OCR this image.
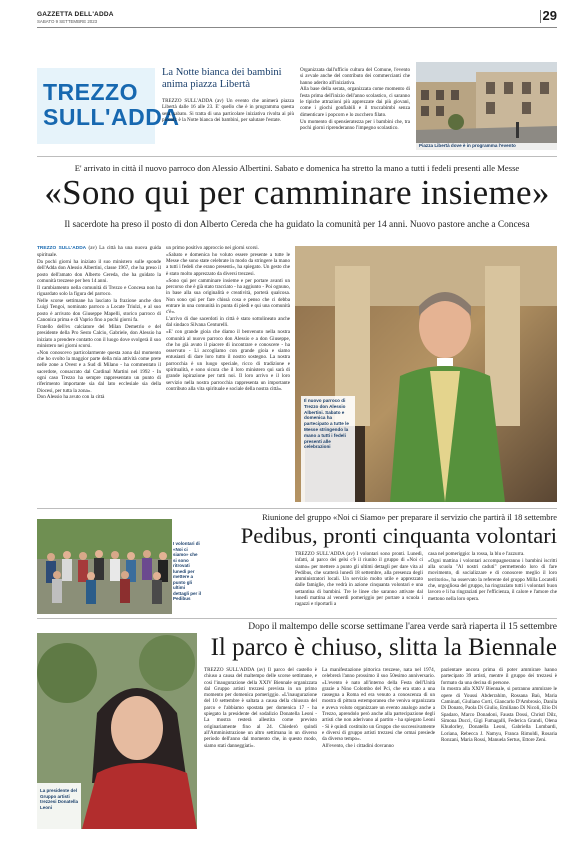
GAZZETTA DELL'ADDA
SABATO 9 SETTEMBRE 2023	29
TREZZO
SULL'ADDA
La Notte bianca dei bambini anima piazza Libertà

TREZZO SULL'ADDA (av) Un evento che animerà piazza Libertà dalle 16 alle 23. E' quello che è in programma questa sera, sabato. Si tratta di una particolare iniziativa rivolta ai più piccoli: è la Notte bianca dei bambini, per salutare l'estate.

Organizzata dall'ufficio cultura del Comune, l'evento si avvale anche del contributo dei commercianti che hanno aderito all'iniziativa.

Alla base della serata, organizzata come momento di festa prima dell'inizio dell'anno scolastico, ci saranno le tipiche attrazioni più apprezzate dai più giovani, come i giochi gonfiabili e il truccabimbi senza dimenticare i popcorn e lo zucchero filato.

Un momento di spensieratezza per i bambini che, tra pochi giorni riprenderanno l'impegno scolastico.

Piazza Libertà dove è in programma l'evento
E' arrivato in città il nuovo parroco don Alessio Albertini. Sabato e domenica ha stretto la mano a tutti i fedeli presenti alle Messe
«Sono qui per camminare insieme»
Il sacerdote ha preso il posto di don Alberto Cereda che ha guidato la comunità per 14 anni. Nuovo pastore anche a Concesa

TREZZO SULL'ADDA (av) La città ha una nuova guida spirituale.

Da pochi giorni ha iniziato il suo ministero sulle sponde dell'Adda don Alessio Albertini, classe 1967, che ha preso il posto dell'amato don Alberto Cereda, che ha guidato la comunità trezzese per ben 14 anni.

Il cambiamento nella comunità di Trezzo e Concesa non ha riguardato solo la figura del parroco.

Nelle scorse settimane ha lasciato la frazione anche don Luigi Tengoi, nominato parroco a Locate Triulzi, e al suo posto è arrivato don Giuseppe Mapelli, storico parroco di Canonica prima e di Vaprio fino a pochi giorni fa.

Fratello dell'ex calciatore del Milan Demetrio e del presidente della Pro Sesto Calcio, Gabriele, don Alessio ha iniziato a prendere contatto con il luogo dove svolgerà il suo ministero nei giorni scorsi.

«Non conoscevo particolarmente questa zona dal momento che ho svolto la maggior parte della mia attività come prete nelle zone a Ovest e a Sud di Milano - ha commentato il sacerdote, consacrato dal Cardinal Martini nel 1992 - In ogni caso Trezzo ha sempre rappresentato un punto di riferimento importante sia dal lato ecclesiale sia della Diocesi, per tutta la zona».

Don Alessio ha avuto con la città

un primo positivo approccio nei giorni scorsi.

«Sabato e domenica ho voluto essere presente a tutte le Messe che sono state celebrate in modo da stringere la mano a tutti i fedeli che erano presenti», ha spiegato. Un gesto che è stato molto apprezzato da diversi trezzesi.

«Sono qui per camminare insieme e per portare avanti un percorso che è già stato tracciato - ha aggiunto - Poi ognuno, in base alla sua originalità e creatività, porterà qualcosa. Non sono qui per fare chissà cosa e penso che ci debba entrare in una comunità in punta di piedi e qui una comunità c'è».

L'arrivo di due sacerdoti in città è stato sottolineato anche dal sindaco Silvana Centurelli.

«E' con grande gioia che diamo il benvenuto nella nostra comunità al nuovo parroco don Alessio e a don Giuseppe, che ho già avuto il piacere di incontrare e conoscere - ha osservato - Li accogliamo con grande gioia e siamo entusiasti di dare loro tutto il nostro sostegno. La nostra parrocchia è un luogo speciale, ricco di tradizione e spiritualità, e sono sicura che il loro ministero qui sarà di grande ispirazione per tutti noi. Il loro arrivo e il loro servizio nella nostra parrocchia rappresenta un importante contributo alla vita spirituale e sociale della nostra città».

Il nuovo parroco di Trezzo don Alessio Albertini. Sabato e domenica ha partecipato a tutte le Messe stringendo la mano a tutti i fedeli presenti alle celebrazioni
Riunione del gruppo «Noi ci Siamo» per preparare il servizio che partirà il 18 settembre
Pedibus, pronti cinquanta volontari
I volontari di «Noi ci siamo» che si sono ritrovati lunedì per mettere a punto gli ultimi dettagli per il Pedibus

TREZZO SULL'ADDA (av) I volontari sono pronti. Lunedì, infatti, al parco dei gelsi c'è il riunito il gruppo di «Noi ci siamo» per mettere a punto gli ultimi dettagli per dare vita al Pedibus, che scatterà lunedì 18 settembre, alla presenza degli amministratori locali. Un servizio molto utile e apprezzato dalle famiglie, che vedrà in azione cinquanta volontari e una settantina di bambini. Tre le linee che saranno attivate dal lunedì mattina al venerdì pomeriggio per portare a scuola i ragazzi e riportarli a

casa nel pomeriggio: la rossa, la blu e l'azzurra.

«Ogni mattina i volontari accompagneranno i bambini iscritti alla scuola "Al nostri caduti" permettendo loro di fare movimento, di socializzare e di conoscere meglio il loro territorio», ha osservato la referente del gruppo Milla Locatelli che, orgogliosa del gruppo, ha ringraziato tutti i volontari buon lavoro e li ha ringraziati per l'efficienza, il calore e l'amore che mettono nella loro opera.

Dopo il maltempo delle scorse settimane l'area verde sarà riaperta il 15 settembre
Il parco è chiuso, slitta la Biennale
La presidente del Gruppo artisti trezzesi Donatella Leoni

TREZZO SULL'ADDA (av) Il parco del castello è chiuso a causa del maltempo delle scorse settimane, e così l'inaugurazione della XXIV Biennale organizzata dal Gruppo artisti trezzesi prevista in un primo momento per domenica pomeriggio. «L'inaugurazione del 10 settembre è saltata a causa della chiusura del parco e l'abbiamo spostata per domenica 17 - ha spiegato la presidente del sodalizio Donatella Leoni - La mostra resterà allestita come previsto originariamente fino al 24. Chiederò quindi all'Amministrazione un altro settimana in un diverso periodo dell'anno dal momento che, in questo modo, siamo stati danneggiati».

La manifestazione pittorica trezzese, nata nel 1974, celebrerà l'anno prossimo il suo 50esimo anniversario. «L'evento è nato all'interno della Festa dell'Unità grazie a Nino Colombo del Pci, che era stato a una rassegna a Roma ed era venuto a conoscenza di un mostra di pittura estemporanea che veniva organizzata e aveva voluto organizzare un evento analogo anche a Trezzo, aprendolo però anche alla partecipazione degli artisti che non aderivano al partito - ha spiegato Leoni - Si è quindi costituito un Gruppo che successivamente e diversi di gruppo artisti trezzesi che ormai presiede da diverso tempo».

All'evento, che i cittadini dovranno

pazientare ancora prima di poter ammirare hanno partecipato 39 artisti, mentre il gruppo dei trezzesi è formato da una decina di persone.

In mostra alla XXIV Biennale, si potranno ammirare le opere di Youssi Abderrahim, Rossana Baù, Maria Caminati, Giuliano Corti, Giancarlo D'Ambrosio, Danila Di Donato, Paola Di Giulio, Emiliano Di Nicoli, Elio Di Spadaro, Marco Donadoni, Fausta Dossi, Christl Dilz, Simona Ducci, Gigi Fumagalli, Federica Grandi, Olena Khudorley, Donatella Leoni, Gabriella Lombardi, Loriana, Rebecca J. Namyu, Franca Rimoldi, Rosaria Ronzani, Maria Rossi, Manuela Sertus, Ettore Zeni.
